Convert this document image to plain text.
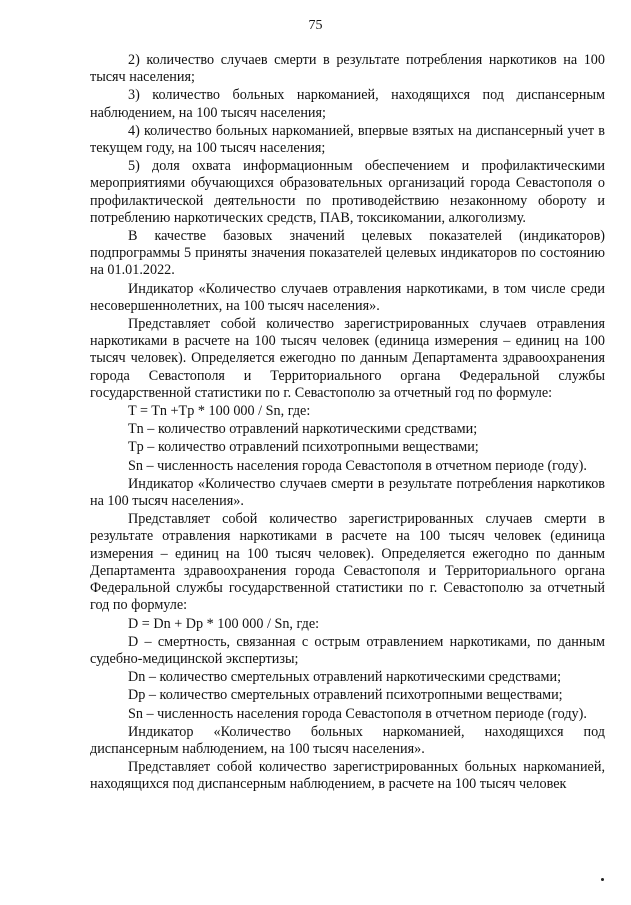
75

2) количество случаев смерти в результате потребления наркотиков на 100 тысяч населения;

3) количество больных наркоманией, находящихся под диспансерным наблюдением, на 100 тысяч населения;

4) количество больных наркоманией, впервые взятых на диспансерный учет в текущем году, на 100 тысяч населения;

5) доля охвата информационным обеспечением и профилактическими мероприятиями обучающихся образовательных организаций города Севастополя о профилактической деятельности по противодействию незаконному обороту и потреблению наркотических средств, ПАВ, токсикомании, алкоголизму.

В качестве базовых значений целевых показателей (индикаторов) подпрограммы 5 приняты значения показателей целевых индикаторов по состоянию на 01.01.2022.

Индикатор «Количество случаев отравления наркотиками, в том числе среди несовершеннолетних, на 100 тысяч населения».

Представляет собой количество зарегистрированных случаев отравления наркотиками в расчете на 100 тысяч человек (единица измерения – единиц на 100 тысяч человек). Определяется ежегодно по данным Департамента здравоохранения города Севастополя и Территориального органа Федеральной службы государственной статистики по г. Севастополю за отчетный год по формуле:

T = Tn +Tp * 100 000 / Sn, где:

Tn – количество отравлений наркотическими средствами;

Tp – количество отравлений психотропными веществами;

Sn – численность населения города Севастополя в отчетном периоде (году).

Индикатор «Количество случаев смерти в результате потребления наркотиков на 100 тысяч населения».

Представляет собой количество зарегистрированных случаев смерти в результате отравления наркотиками в расчете на 100 тысяч человек (единица измерения – единиц на 100 тысяч человек). Определяется ежегодно по данным Департамента здравоохранения города Севастополя и Территориального органа Федеральной службы государственной статистики по г. Севастополю за отчетный год по формуле:

D = Dn + Dp * 100 000 / Sn, где:

D – смертность, связанная с острым отравлением наркотиками, по данным судебно-медицинской экспертизы;

Dn – количество смертельных отравлений наркотическими средствами;

Dp – количество смертельных отравлений психотропными веществами;

Sn – численность населения города Севастополя в отчетном периоде (году).

Индикатор «Количество больных наркоманией, находящихся под диспансерным наблюдением, на 100 тысяч населения».

Представляет собой количество зарегистрированных больных наркоманией, находящихся под диспансерным наблюдением, в расчете на 100 тысяч человек
